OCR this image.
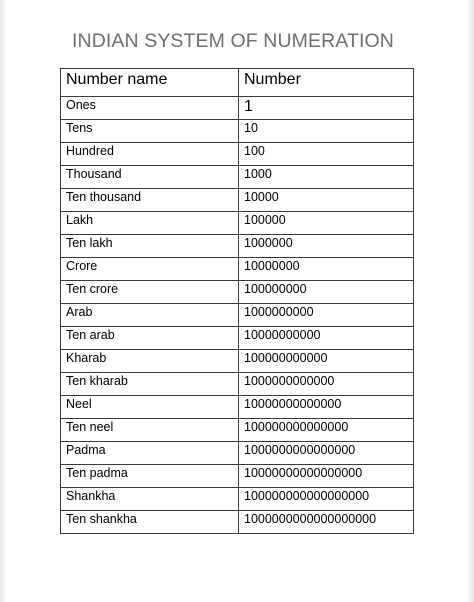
INDIAN SYSTEM OF NUMERATION
Number name	Number
Ones	1
Tens	10
Hundred	100
Thousand	1000
Ten thousand	10000
Lakh	100000
Ten lakh	1000000
Crore	10000000
Ten crore	100000000
Arab	1000000000
Ten arab	10000000000
Kharab	100000000000
Ten kharab	1000000000000
Neel	10000000000000
Ten neel	100000000000000
Padma	1000000000000000
Ten padma	10000000000000000
Shankha	100000000000000000
Ten shankha	1000000000000000000
